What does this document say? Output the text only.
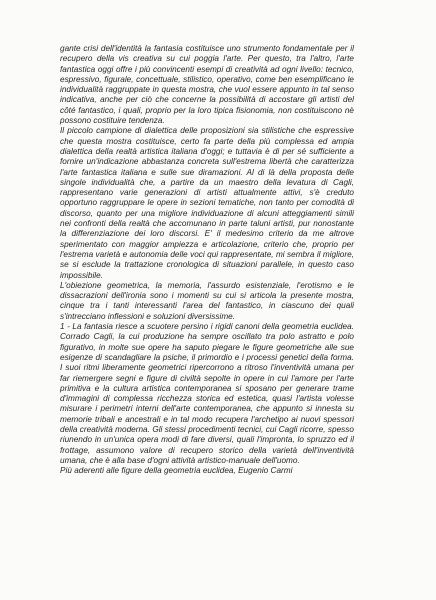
gante crisi dell'identità la fantasia costituisce uno strumento fondamentale per il recupero della vis creativa su cui poggia l'arte. Per questo, tra l'altro, l'arte fantastica oggi offre i più convincenti esempi di creatività ad ogni livello: tecnico, espressivo, figurale, concettuale, stilistico, operativo, come ben esemplificano le individualità raggruppate in questa mostra, che vuol essere appunto in tal senso indicativa, anche per ciò che concerne la possibilità di accostare gli artisti del côté fantastico, i quali, proprio per la loro tipica fisionomia, non costituiscono nè possono costituire tendenza.

Il piccolo campione di dialettica delle proposizioni sia stilistiche che espressive che questa mostra costituisce, certo fa parte della più complessa ed ampia dialettica della realtà artistica italiana d'oggi; e tuttavia è di per sé sufficiente a fornire un'indicazione abbastanza concreta sull'estrema libertà che caratterizza l'arte fantastica italiana e sulle sue diramazioni. Al di là della proposta delle singole individualità che, a partire da un maestro della levatura di Cagli, rappresentano varie generazioni di artisti attualmente attivi, s'è creduto opportuno raggruppare le opere in sezioni tematiche, non tanto per comodità di discorso, quanto per una migliore individuazione di alcuni atteggiamenti simili nei confronti della realtà che accomunano in parte taluni artisti, pur nonostante la differenziazione dei loro discorsi. E' il medesimo criterio da me altrove sperimentato con maggior ampiezza e articolazione, criterio che, proprio per l'estrema varietà e autonomia delle voci qui rappresentate, mi sembra il migliore, se si esclude la trattazione cronologica di situazioni parallele, in questo caso impossibile.

L'obiezione geometrica, la memoria, l'assurdo esistenziale, l'erotismo e le dissacrazioni dell'ironia sono i momenti su cui si articola la presente mostra, cinque tra i tanti interessanti l'area del fantastico, in ciascuno dei quali s'intrecciano inflessioni e soluzioni diversissime.

1 - La fantasia riesce a scuotere persino i rigidi canoni della geometria euclidea. Corrado Cagli, la cui produzione ha sempre oscillato tra polo astratto e polo figurativo, in molte sue opere ha saputo piegare le figure geometriche alle sue esigenze di scandagliare la psiche, il primordio e i processi genetici della forma. I suoi ritmi liberamente geometrici ripercorrono a ritroso l'inventività umana per far riemergere segni e figure di civiltà sepolte in opere in cui l'amore per l'arte primitiva e la cultura artistica contemporanea si sposano per generare trame d'immagini di complessa ricchezza storica ed estetica, quasi l'artista volesse misurare i perimetri interni dell'arte contemporanea, che appunto si innesta su memorie tribali e ancestrali e in tal modo recupera l'archetipo ai nuovi spessori della creatività moderna. Gli stessi procedimenti tecnici, cui Cagli ricorre, spesso riunendo in un'unica opera modi di fare diversi, quali l'impronta, lo spruzzo ed il frottage, assumono valore di recupero storico della varietà dell'inventività umana, che è alla base d'ogni attività artistico-manuale dell'uomo.

Più aderenti alle figure della geometria euclidea, Eugenio Carmi
